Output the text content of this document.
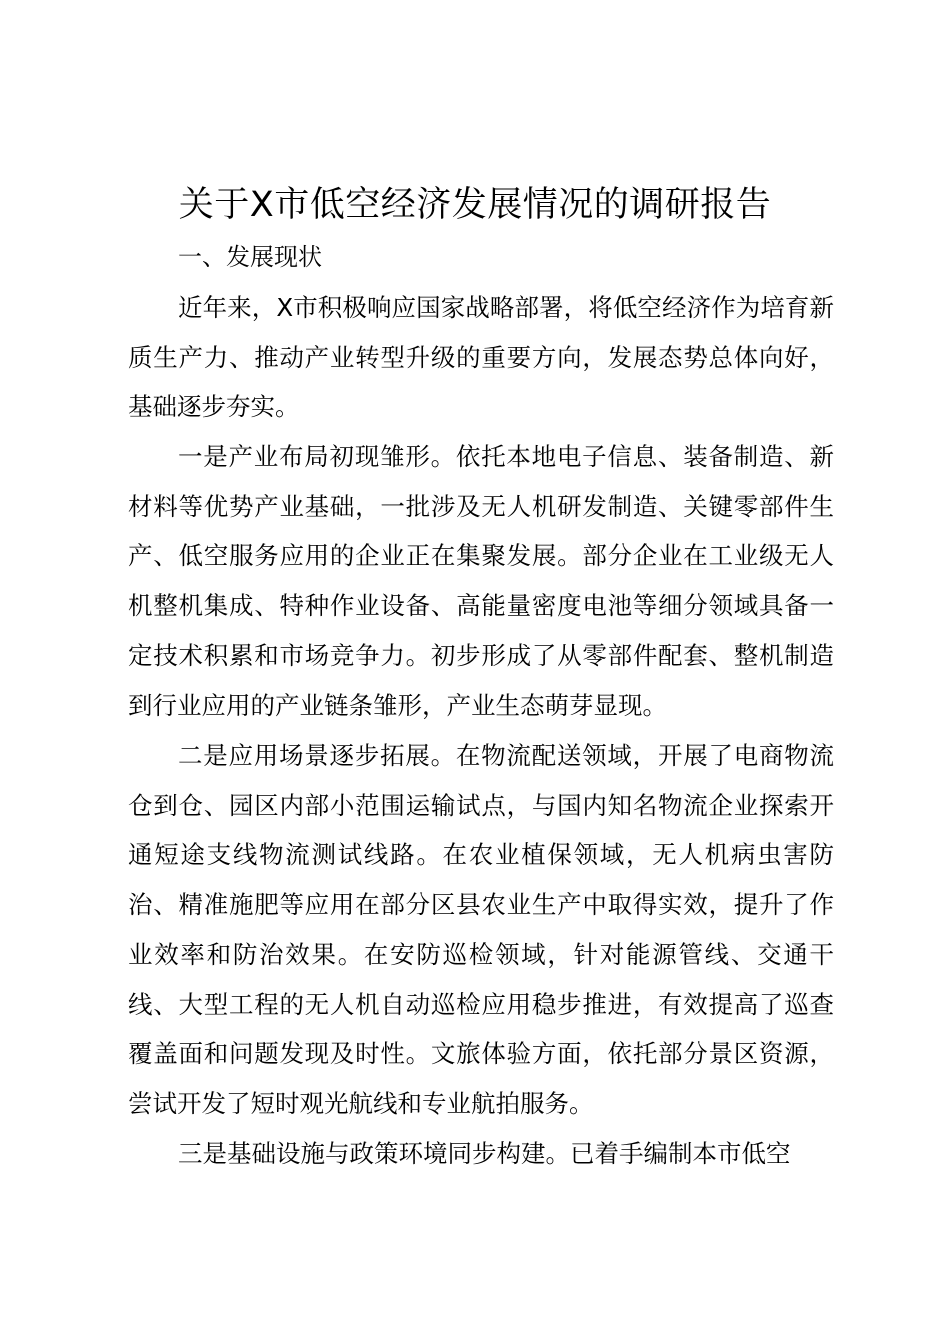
关于X市低空经济发展情况的调研报告
一、发展现状

近年来，X市积极响应国家战略部署，将低空经济作为培育新质生产力、推动产业转型升级的重要方向，发展态势总体向好，基础逐步夯实。

一是产业布局初现雏形。依托本地电子信息、装备制造、新材料等优势产业基础，一批涉及无人机研发制造、关键零部件生产、低空服务应用的企业正在集聚发展。部分企业在工业级无人机整机集成、特种作业设备、高能量密度电池等细分领域具备一定技术积累和市场竞争力。初步形成了从零部件配套、整机制造到行业应用的产业链条雏形，产业生态萌芽显现。

二是应用场景逐步拓展。在物流配送领域，开展了电商物流仓到仓、园区内部小范围运输试点，与国内知名物流企业探索开通短途支线物流测试线路。在农业植保领域，无人机病虫害防治、精准施肥等应用在部分区县农业生产中取得实效，提升了作业效率和防治效果。在安防巡检领域，针对能源管线、交通干线、大型工程的无人机自动巡检应用稳步推进，有效提高了巡查覆盖面和问题发现及时性。文旅体验方面，依托部分景区资源，尝试开发了短时观光航线和专业航拍服务。

三是基础设施与政策环境同步构建。已着手编制本市低空
